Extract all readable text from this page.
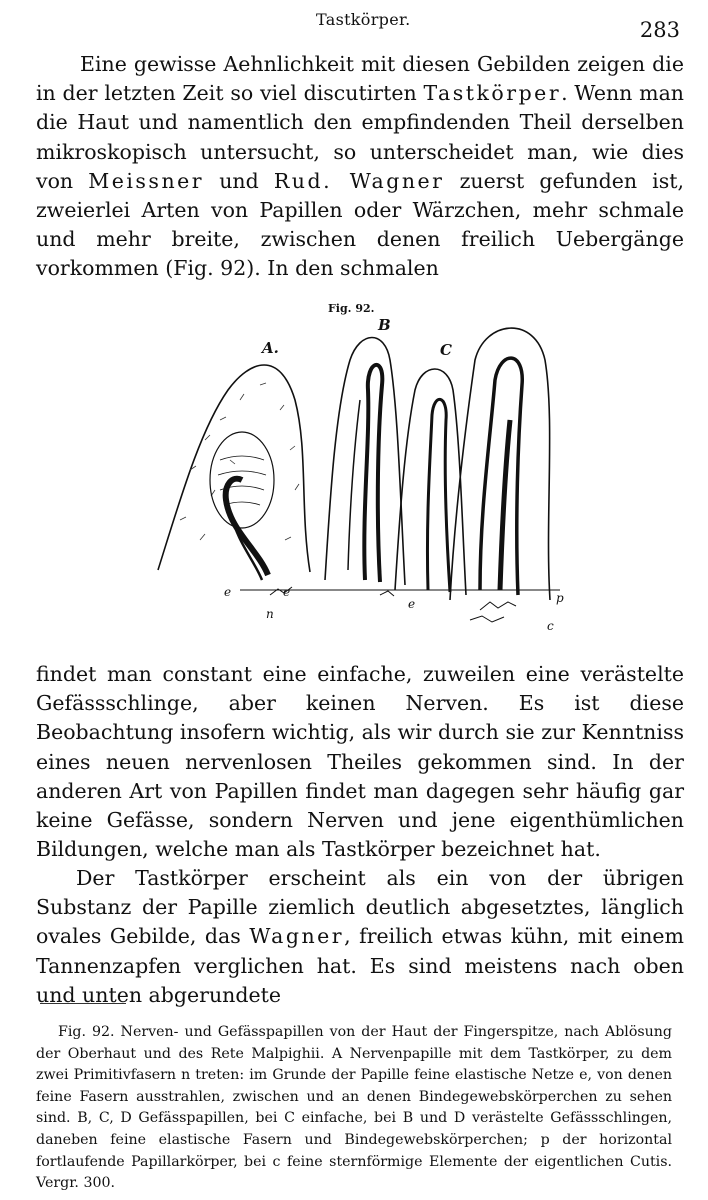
Tastkörper.	283

Eine gewisse Aehnlichkeit mit diesen Gebilden zeigen die in der letzten Zeit so viel discutirten Tastkörper. Wenn man die Haut und namentlich den empfindenden Theil derselben mikroskopisch untersucht, so unterscheidet man, wie dies von Meissner und Rud. Wagner zuerst gefunden ist, zweierlei Arten von Papillen oder Wärzchen, mehr schmale und mehr breite, zwischen denen freilich Uebergänge vorkommen (Fig. 92). In den schmalen

Fig. 92.
A.
e	e
n
B
C
e	p
c

findet man constant eine einfache, zuweilen eine verästelte Gefässschlinge, aber keinen Nerven. Es ist diese Beobachtung insofern wichtig, als wir durch sie zur Kenntniss eines neuen nervenlosen Theiles gekommen sind. In der anderen Art von Papillen findet man dagegen sehr häufig gar keine Gefässe, sondern Nerven und jene eigenthümlichen Bildungen, welche man als Tastkörper bezeichnet hat.

Der Tastkörper erscheint als ein von der übrigen Substanz der Papille ziemlich deutlich abgesetztes, länglich ovales Gebilde, das Wagner, freilich etwas kühn, mit einem Tannenzapfen verglichen hat. Es sind meistens nach oben und unten abgerundete

Fig. 92. Nerven- und Gefässpapillen von der Haut der Fingerspitze, nach Ablösung der Oberhaut und des Rete Malpighii. A Nervenpapille mit dem Tastkörper, zu dem zwei Primitivfasern n treten: im Grunde der Papille feine elastische Netze e, von denen feine Fasern ausstrahlen, zwischen und an denen Bindegewebskörperchen zu sehen sind. B, C, D Gefässpapillen, bei C einfache, bei B und D verästelte Gefässschlingen, daneben feine elastische Fasern und Bindegewebskörperchen; p der horizontal fortlaufende Papillarkörper, bei c feine sternförmige Elemente der eigentlichen Cutis. Vergr. 300.
